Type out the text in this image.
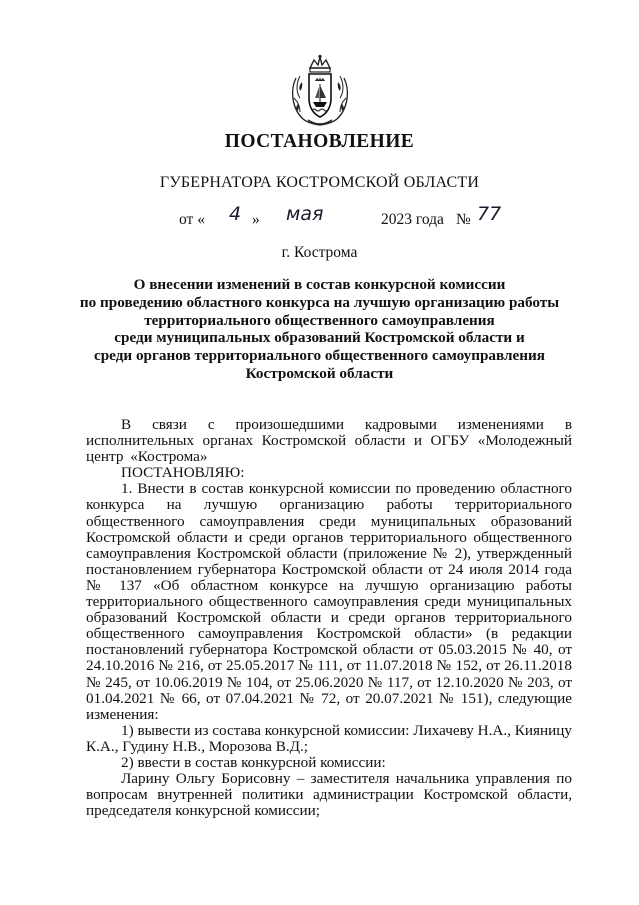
ПОСТАНОВЛЕНИЕ
ГУБЕРНАТОРА КОСТРОМСКОЙ ОБЛАСТИ
от « 4 » мая	2023 года № 77
г. Кострома
О внесении изменений в состав конкурсной комиссии
по проведению областного конкурса на лучшую организацию работы
территориального общественного самоуправления
среди муниципальных образований Костромской области и
среди органов территориального общественного самоуправления
Костромской области

В связи с произошедшими кадровыми изменениями в исполнительных органах Костромской области и ОГБУ «Молодежный центр «Кострома»

ПОСТАНОВЛЯЮ:

1. Внести в состав конкурсной комиссии по проведению областного конкурса на лучшую организацию работы территориального общественного самоуправления среди муниципальных образований Костромской области и среди органов территориального общественного самоуправления Костромской области (приложение № 2), утвержденный постановлением губернатора Костромской области от 24 июля 2014 года № 137 «Об областном конкурсе на лучшую организацию работы территориального общественного самоуправления среди муниципальных образований Костромской области и среди органов территориального общественного самоуправления Костромской области» (в редакции постановлений губернатора Костромской области от 05.03.2015 № 40, от 24.10.2016 № 216, от 25.05.2017 № 111, от 11.07.2018 № 152, от 26.11.2018 № 245, от 10.06.2019 № 104, от 25.06.2020 № 117, от 12.10.2020 № 203, от 01.04.2021 № 66, от 07.04.2021 № 72, от 20.07.2021 № 151), следующие изменения:

1) вывести из состава конкурсной комиссии: Лихачеву Н.А., Кияницу К.А., Гудину Н.В., Морозова В.Д.;

2) ввести в состав конкурсной комиссии:

Ларину Ольгу Борисовну – заместителя начальника управления по вопросам внутренней политики администрации Костромской области, председателя конкурсной комиссии;
